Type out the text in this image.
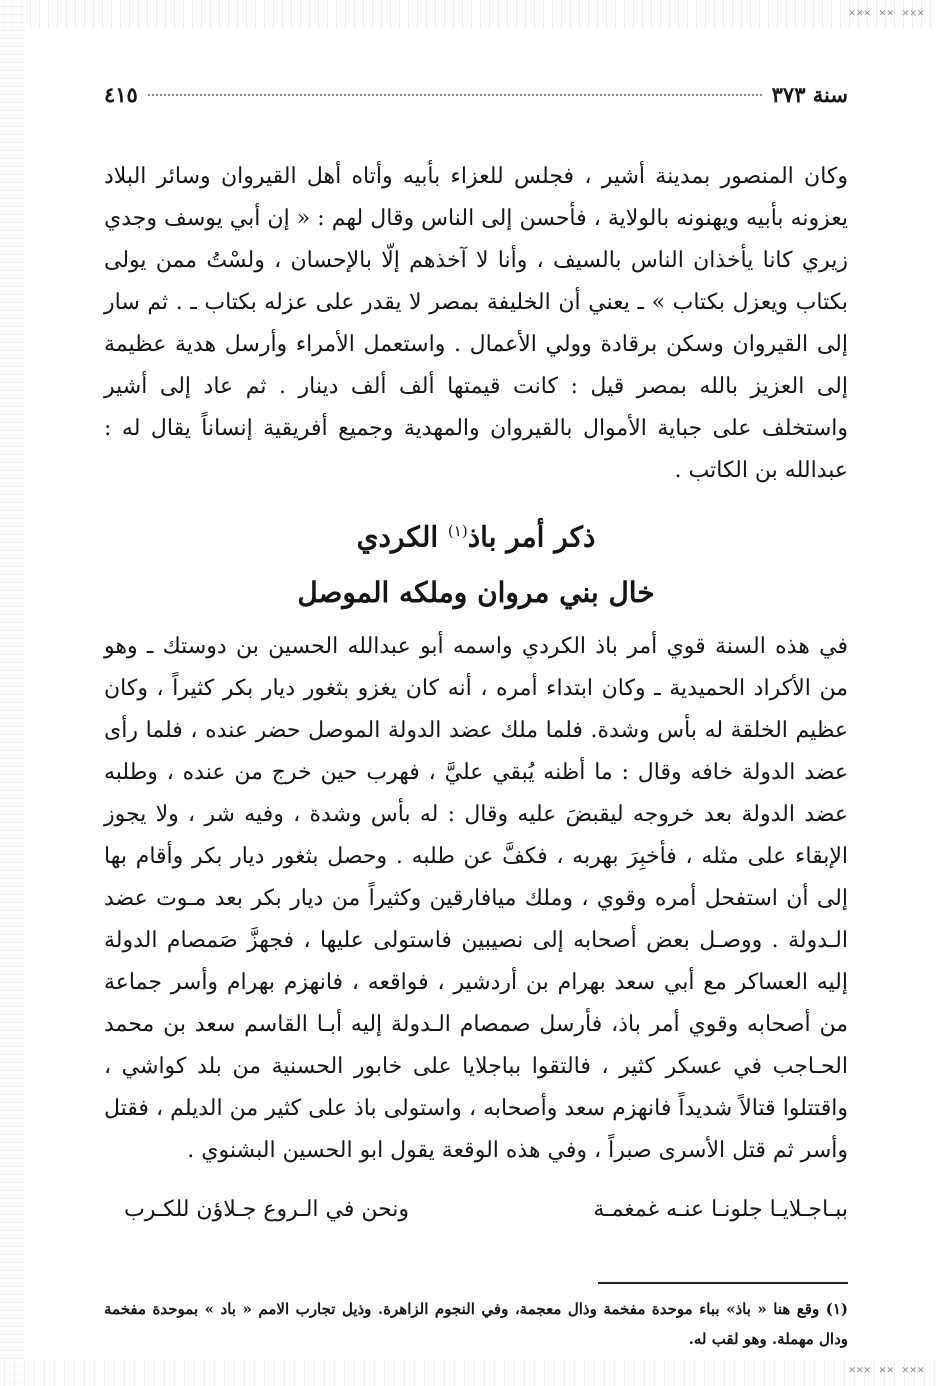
✕✕✕ ✕✕ ✕✕✕
✕✕✕ ✕✕ ✕✕✕
سنة ٣٧٣
٤١٥

وكان المنصور بمدينة أشير ، فجلس للعزاء بأبيه وأتاه أهل القيروان وسائر البلاد يعزونه بأبيه ويهنونه بالولاية ، فأحسن إلى الناس وقال لهم : « إن أبي يوسف وجدي زيري كانا يأخذان الناس بالسيف ، وأنا لا آخذهم إلّا بالإحسان ، ولسْتُ ممن يولى بكتاب ويعزل بكتاب » ـ يعني أن الخليفة بمصر لا يقدر على عزله بكتاب ـ . ثم سار إلى القيروان وسكن برقادة وولي الأعمال . واستعمل الأمراء وأرسل هدية عظيمة إلى العزيز بالله بمصر قيل : كانت قيمتها ألف ألف دينار . ثم عاد إلى أشير واستخلف على جباية الأموال بالقيروان والمهدية وجميع أفريقية إنساناً يقال له : عبدالله بن الكاتب .

ذكر أمر باذ$^{(١)}$ الكردي
خال بني مروان وملكه الموصل

في هذه السنة قوي أمر باذ الكردي واسمه أبو عبدالله الحسين بن دوستك ـ وهو من الأكراد الحميدية ـ وكان ابتداء أمره ، أنه كان يغزو بثغور ديار بكر كثيراً ، وكان عظيم الخلقة له بأس وشدة. فلما ملك عضد الدولة الموصل حضر عنده ، فلما رأى عضد الدولة خافه وقال : ما أظنه يُبقي عليَّ ، فهرب حين خرج من عنده ، وطلبه عضد الدولة بعد خروجه ليقبضَ عليه وقال : له بأس وشدة ، وفيه شر ، ولا يجوز الإبقاء على مثله ، فأخبِرَ بهربه ، فكفَّ عن طلبه . وحصل بثغور ديار بكر وأقام بها إلى أن استفحل أمره وقوي ، وملك ميافارقين وكثيراً من ديار بكر بعد مـوت عضد الـدولة . ووصـل بعض أصحابه إلى نصيبين فاستولى عليها ، فجهزَّ صَمصام الدولة إليه العساكر مع أبي سعد بهرام بن أردشير ، فواقعه ، فانهزم بهرام وأسر جماعة من أصحابه وقوي أمر باذ، فأرسل صمصام الـدولة إليه أبـا القاسم سعد بن محمد الحـاجب في عسكر كثير ، فالتقوا بباجلايا على خابور الحسنية من بلد كواشي ، واقتتلوا قتالاً شديداً فانهزم سعد وأصحابه ، واستولى باذ على كثير من الديلم ، فقتل وأسر ثم قتل الأسرى صبراً ، وفي هذه الوقعة يقول ابو الحسين البشنوي .

ببـاجـلايـا جلونـا عنـه غمغمـة
ونحن في الـروع جـلاؤن للكـرب

(١) وقع هنا « باذ» بباء موحدة مفخمة وذال معجمة، وفي النجوم الزاهرة. وذيل تجارب الامم « باد » بموحدة مفخمة ودال مهملة. وهو لقب له.
